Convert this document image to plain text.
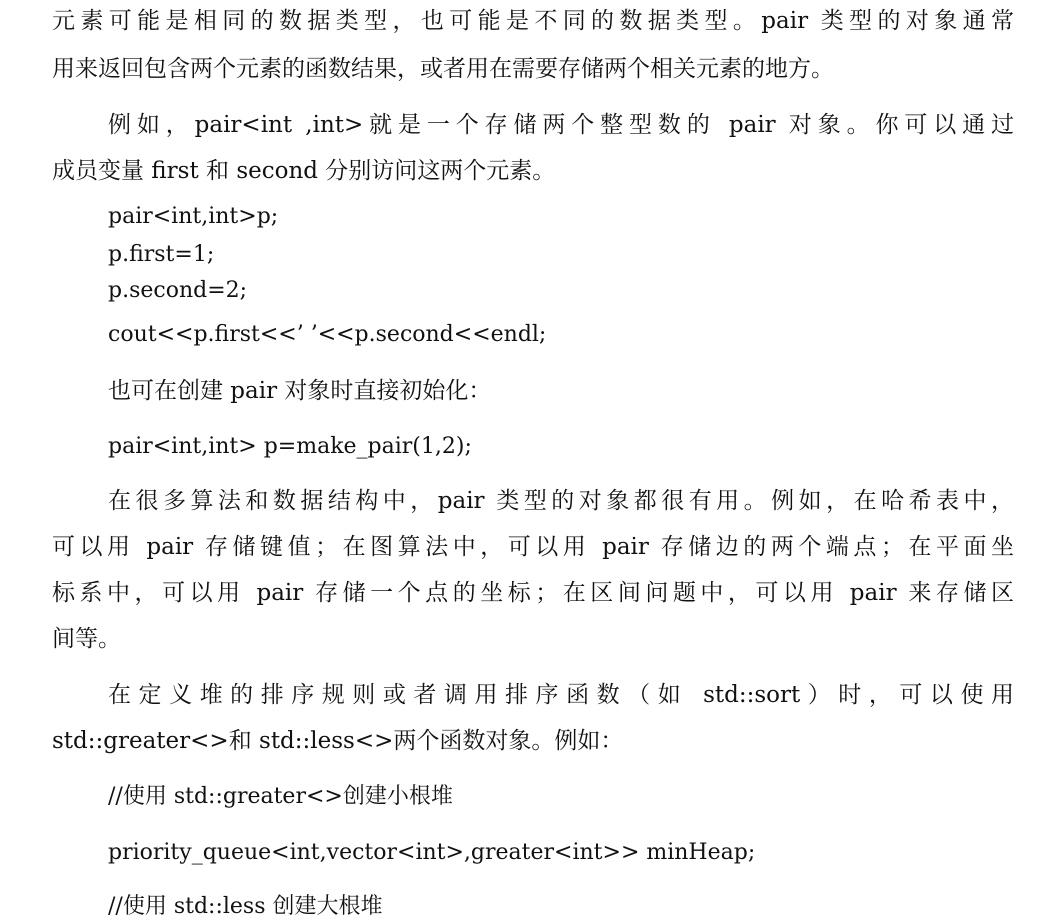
元素可能是相同的数据类型，也可能是不同的数据类型。pair 类型的对象通常
用来返回包含两个元素的函数结果，或者用在需要存储两个相关元素的地方。
例如，pair<int ,int>就是一个存储两个整型数的 pair 对象。你可以通过
成员变量 first 和 second 分别访问这两个元素。
pair<int,int>p;
p.first=1;
p.second=2;
cout<<p.first<<’ ’<<p.second<<endl;
也可在创建 pair 对象时直接初始化：
pair<int,int> p=make_pair(1,2);
在很多算法和数据结构中，pair 类型的对象都很有用。例如，在哈希表中，
可以用 pair 存储键值；在图算法中，可以用 pair 存储边的两个端点；在平面坐
标系中，可以用 pair 存储一个点的坐标；在区间问题中，可以用 pair 来存储区
间等。
在定义堆的排序规则或者调用排序函数（如 std::sort）时，可以使用
std::greater<>和 std::less<>两个函数对象。例如：
//使用 std::greater<>创建小根堆
priority_queue<int,vector<int>,greater<int>> minHeap;
//使用 std::less 创建大根堆
